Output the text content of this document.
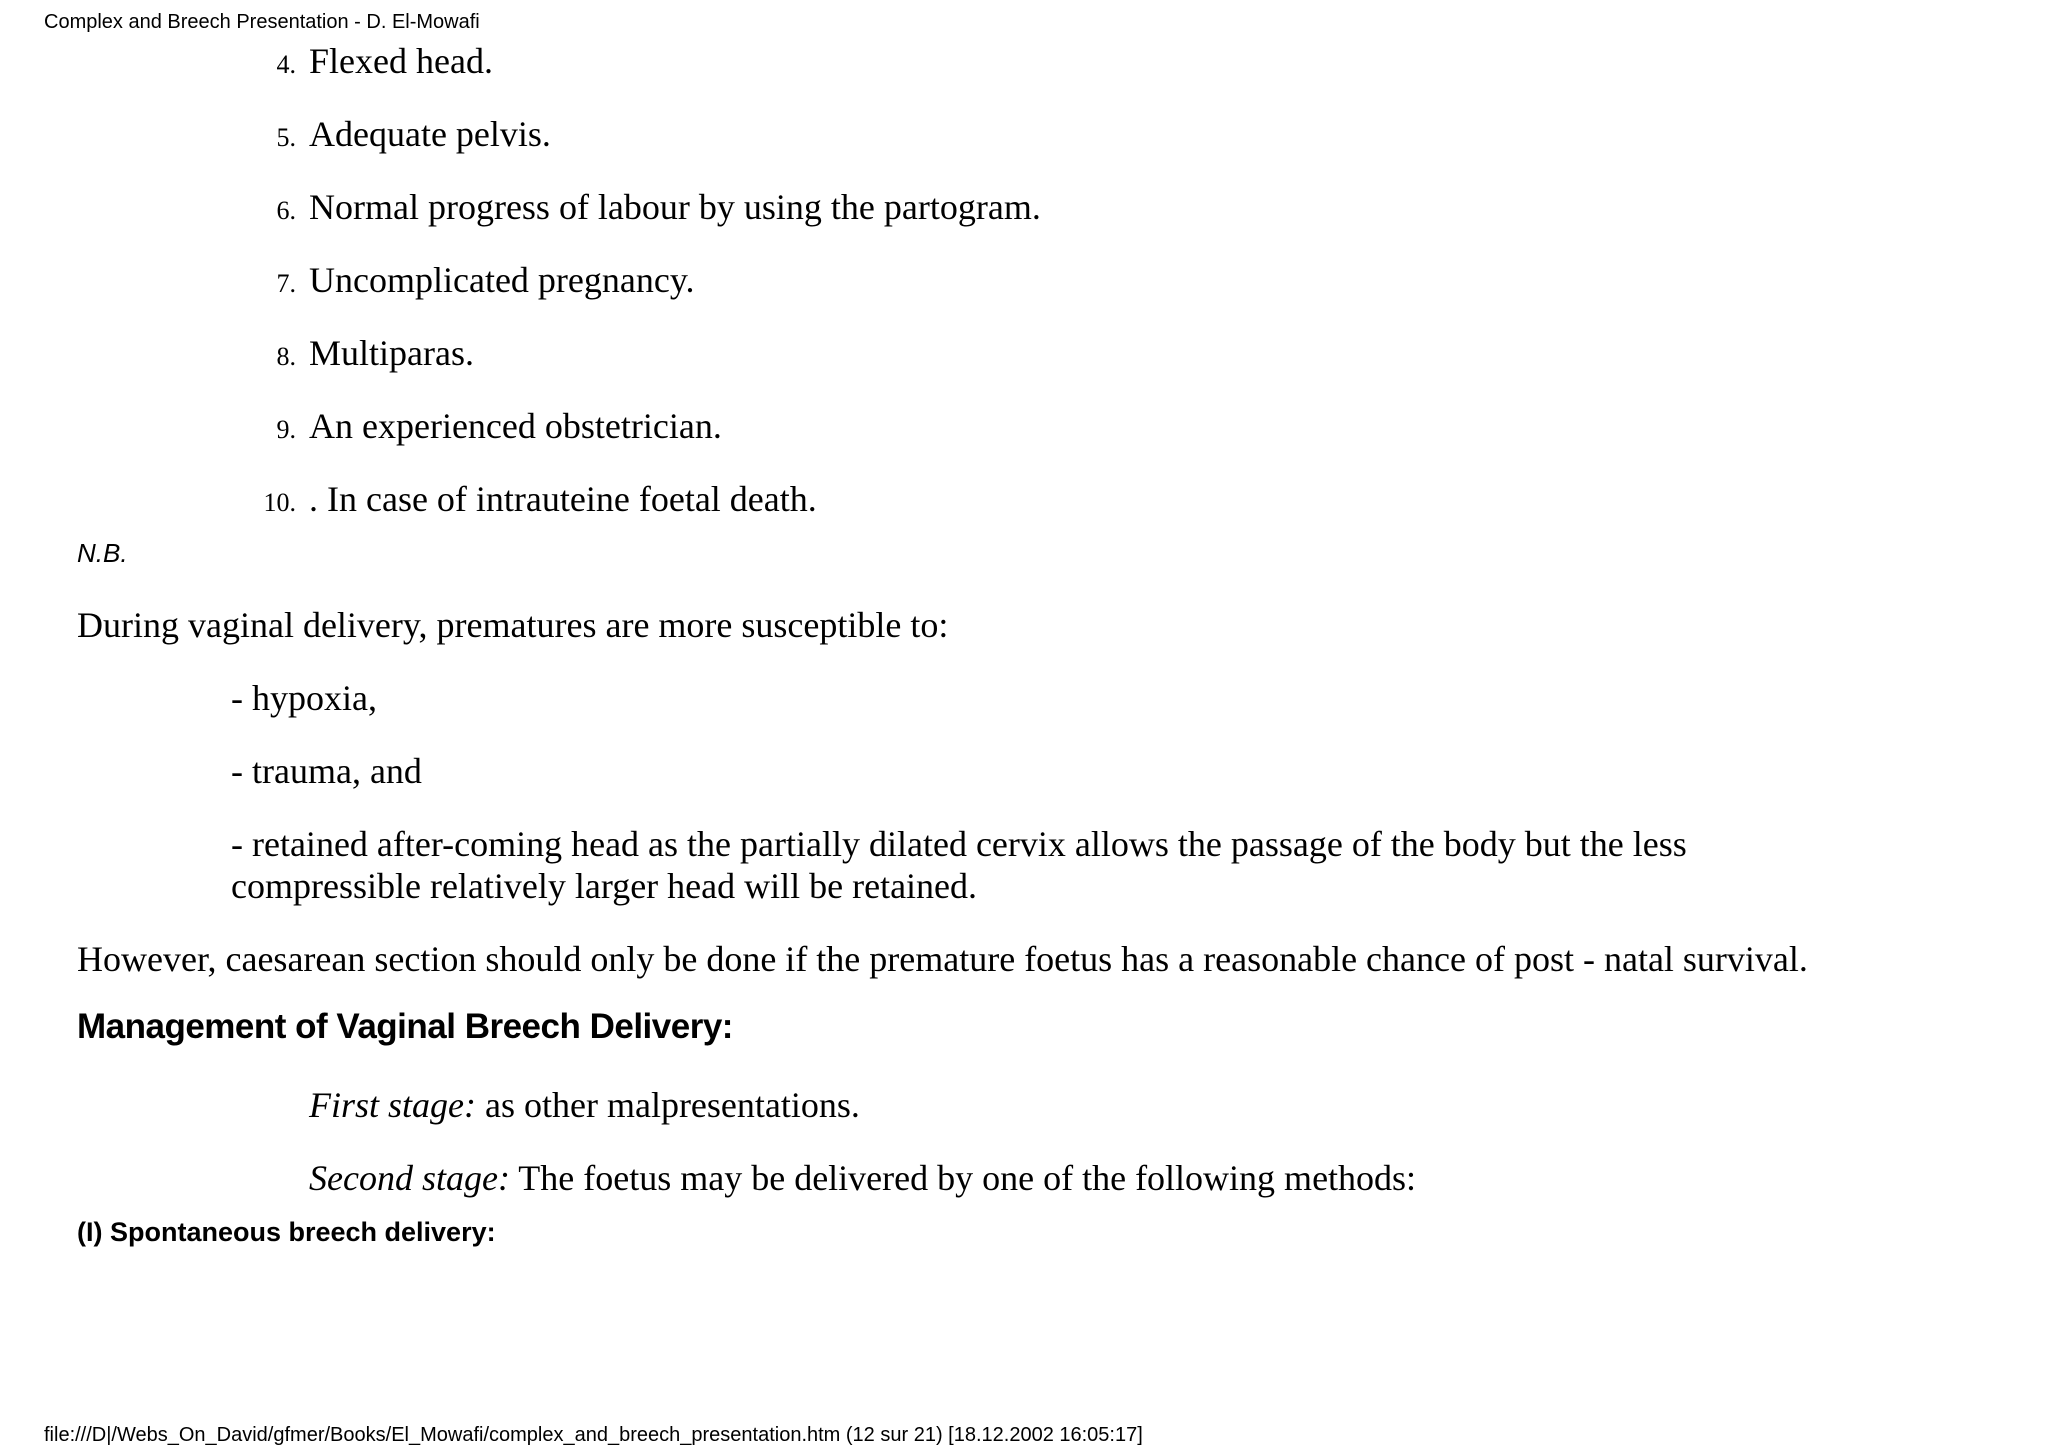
Complex and Breech Presentation - D. El-Mowafi
4. Flexed head.
5. Adequate pelvis.
6. Normal progress of labour by using the partogram.
7. Uncomplicated pregnancy.
8. Multiparas.
9. An experienced obstetrician.
10. . In case of intrauteine foetal death.
N.B.
During vaginal delivery, prematures are more susceptible to:
- hypoxia,
- trauma, and
- retained after-coming head as the partially dilated cervix allows the passage of the body but the less compressible relatively larger head will be retained.
However, caesarean section should only be done if the premature foetus has a reasonable chance of post - natal survival.
Management of Vaginal Breech Delivery:
First stage: as other malpresentations.
Second stage: The foetus may be delivered by one of the following methods:
(I) Spontaneous breech delivery:
file:///D|/Webs_On_David/gfmer/Books/El_Mowafi/complex_and_breech_presentation.htm (12 sur 21) [18.12.2002 16:05:17]
